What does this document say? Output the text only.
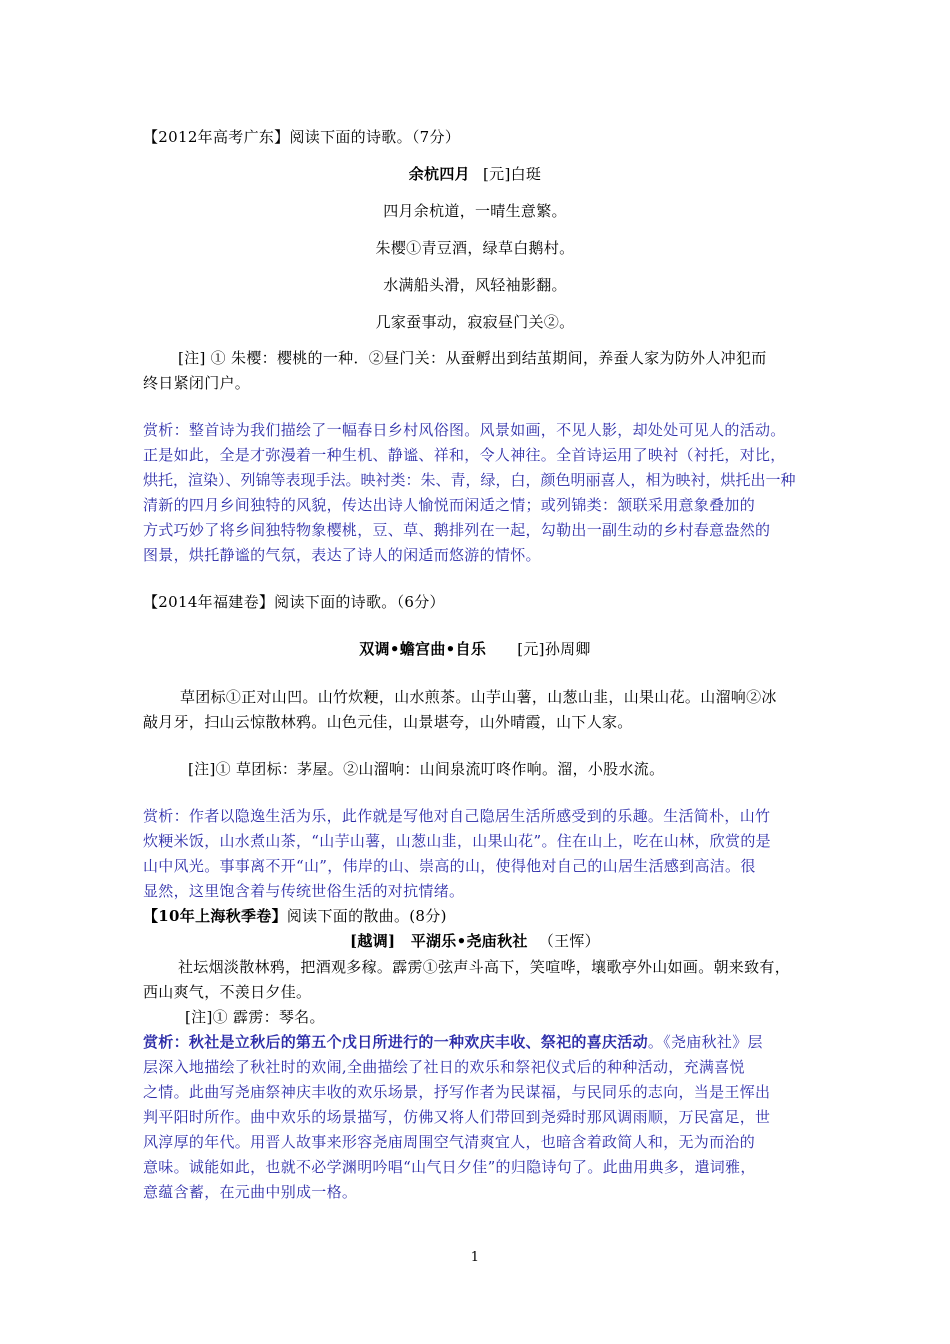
【2012年高考广东】阅读下面的诗歌。（7分）
余杭四月 [元]白珽
四月余杭道，一晴生意繁。
朱樱①青豆酒，绿草白鹅村。
水满船头滑，风轻袖影翻。
几家蚕事动，寂寂昼门关②。
[注] ① 朱樱：樱桃的一种．②昼门关：从蚕孵出到结茧期间，养蚕人家为防外人冲犯而
终日紧闭门户。
赏析：整首诗为我们描绘了一幅春日乡村风俗图。风景如画，不见人影，却处处可见人的活动。
正是如此，全是才弥漫着一种生机、静谧、祥和，令人神往。全首诗运用了映衬（衬托，对比，
烘托，渲染）、列锦等表现手法。映衬类：朱、青，绿，白，颜色明丽喜人，相为映衬，烘托出一种
清新的四月乡间独特的风貌，传达出诗人愉悦而闲适之情；或列锦类：颔联采用意象叠加的
方式巧妙了将乡间独特物象樱桃，豆、草、鹅排列在一起，勾勒出一副生动的乡村春意盎然的
图景，烘托静谧的气氛，表达了诗人的闲适而悠游的情怀。
【2014年福建卷】阅读下面的诗歌。（6分）
双调•蟾宫曲•自乐 [元]孙周卿
草团标①正对山凹。山竹炊粳，山水煎茶。山芋山薯，山葱山韭，山果山花。山溜响②冰
敲月牙，扫山云惊散林鸦。山色元佳，山景堪夸，山外晴霞，山下人家。
[注]① 草团标：茅屋。②山溜响：山间泉流叮咚作响。溜，小股水流。
赏析：作者以隐逸生活为乐，此作就是写他对自己隐居生活所感受到的乐趣。生活简朴，山竹
炊粳米饭，山水煮山茶，“山芋山薯，山葱山韭，山果山花”。住在山上，吃在山林，欣赏的是
山中风光。事事离不开“山”，伟岸的山、崇高的山，使得他对自己的山居生活感到高洁。很
显然，这里饱含着与传统世俗生活的对抗情绪。
【10年上海秋季卷】阅读下面的散曲。(8分)
[越调]　平湖乐•尧庙秋社 （王恽）
社坛烟淡散林鸦，把酒观多稼。霹雳①弦声斗高下，笑喧哗，壤歌亭外山如画。朝来致有，
西山爽气，不羡日夕佳。
[注]① 霹雳：琴名。
赏析：秋社是立秋后的第五个戊日所进行的一种欢庆丰收、祭祀的喜庆活动。《尧庙秋社》层
层深入地描绘了秋社时的欢闹,全曲描绘了社日的欢乐和祭祀仪式后的种种活动，充满喜悦
之情。此曲写尧庙祭神庆丰收的欢乐场景，抒写作者为民谋福，与民同乐的志向，当是王恽出
判平阳时所作。曲中欢乐的场景描写，仿佛又将人们带回到尧舜时那风调雨顺，万民富足，世
风淳厚的年代。用晋人故事来形容尧庙周围空气清爽宜人，也暗含着政简人和，无为而治的
意味。诚能如此，也就不必学渊明吟唱“山气日夕佳”的归隐诗句了。此曲用典多，遣词雅，
意蕴含蓄，在元曲中别成一格。
1
